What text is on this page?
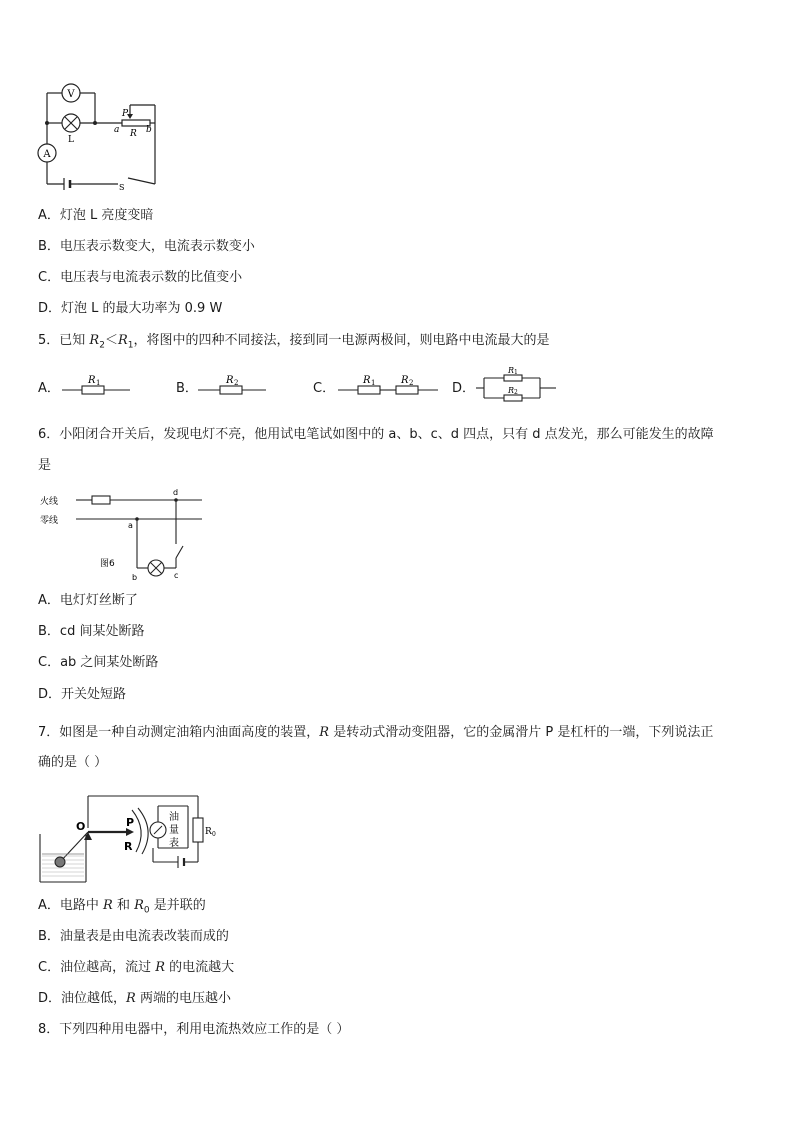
V
L
A
P
a R b
S
A．灯泡 L 亮度变暗
B．电压表示数变大，电流表示数变小
C．电压表与电流表示数的比值变小
D．灯泡 L 的最大功率为 0.9 W
5．已知 $R_2<R_1$，将图中的四种不同接法，接到同一电源两极间，则电路中电流最大的是
A．
R 1	B．
R 2	C．
R 1	R 2	D．
R 1
R 2
6．小阳闭合开关后，发现电灯不亮，他用试电笔试如图中的 a、b、c、d 四点，只有 d 点发光，那么可能发生的故障
是
火线
零线
图6
a
b	c
d
A．电灯灯丝断了
B．cd 间某处断路
C．ab 之间某处断路
D．开关处短路
7．如图是一种自动测定油箱内油面高度的装置，R 是转动式滑动变阻器，它的金属滑片 P 是杠杆的一端，下列说法正
确的是（ ）
O	P
R
油
量
表
R 0
A．电路中 R 和 $R_0$ 是并联的
B．油量表是由电流表改装而成的
C．油位越高，流过 R 的电流越大
D．油位越低，R 两端的电压越小
8．下列四种用电器中，利用电流热效应工作的是（ ）
